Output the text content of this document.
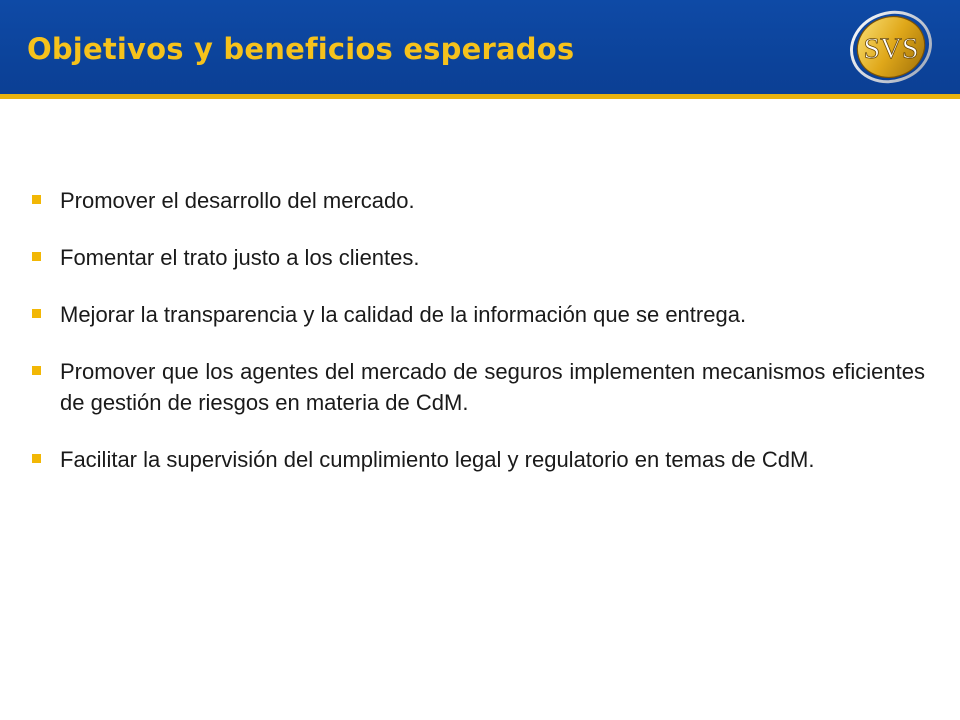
Objetivos y beneficios esperados	SVS
Promover el desarrollo del mercado.
Fomentar el trato justo a los clientes.
Mejorar la transparencia y la calidad de la información que se entrega.
Promover que los agentes del mercado de seguros implementen mecanismos eficientes de gestión de riesgos en materia de CdM.
Facilitar la supervisión del cumplimiento legal y regulatorio en temas de CdM.
